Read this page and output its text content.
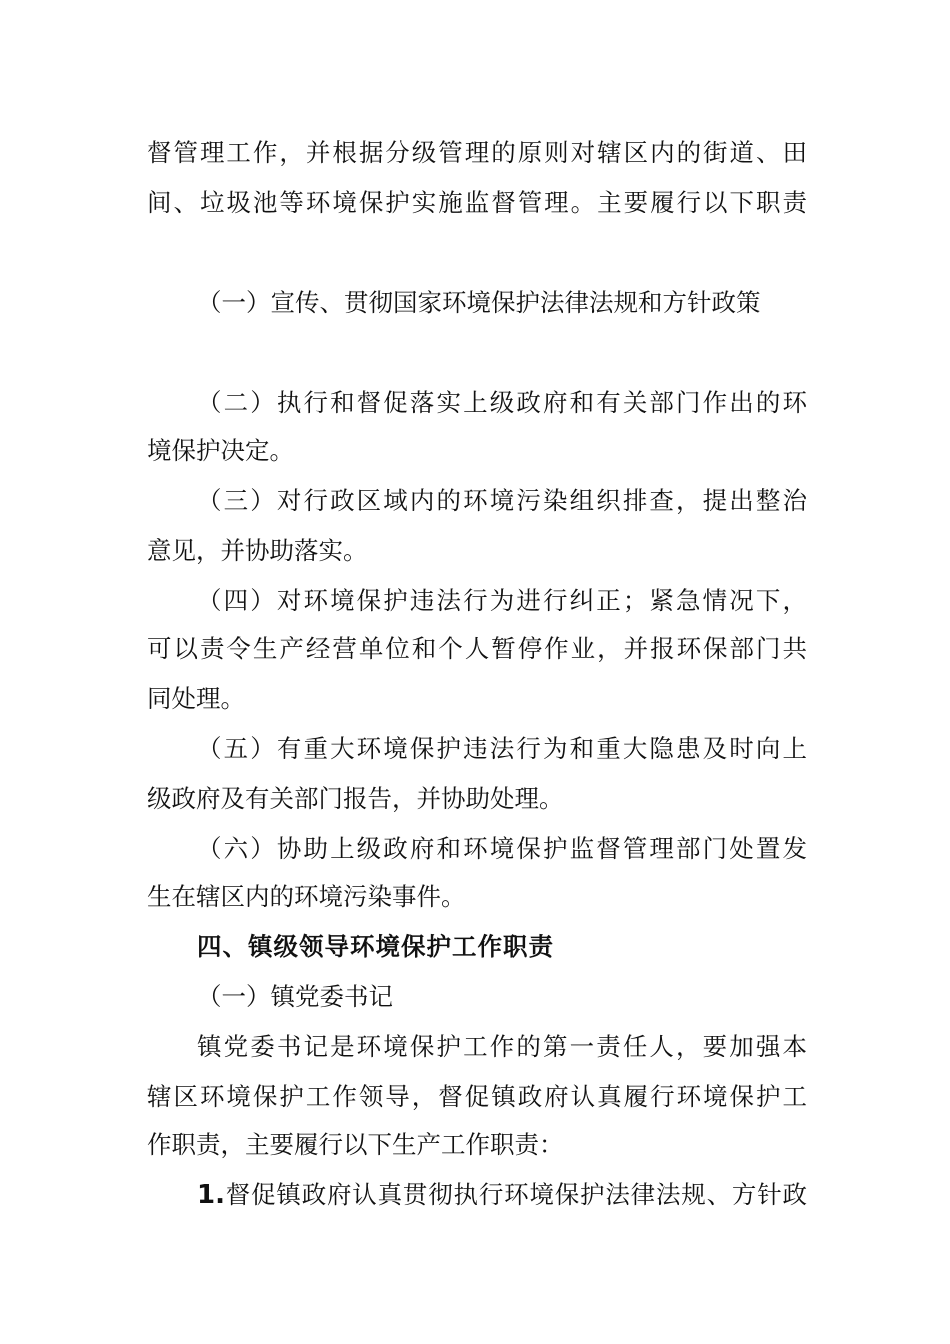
督管理工作，并根据分级管理的原则对辖区内的街道、田
间、垃圾池等环境保护实施监督管理。主要履行以下职责
（一）宣传、贯彻国家环境保护法律法规和方针政策
（二）执行和督促落实上级政府和有关部门作出的环
境保护决定。
（三）对行政区域内的环境污染组织排查，提出整治
意见，并协助落实。
（四）对环境保护违法行为进行纠正；紧急情况下，
可以责令生产经营单位和个人暂停作业，并报环保部门共
同处理。
（五）有重大环境保护违法行为和重大隐患及时向上
级政府及有关部门报告，并协助处理。
（六）协助上级政府和环境保护监督管理部门处置发
生在辖区内的环境污染事件。
四、镇级领导环境保护工作职责
（一）镇党委书记
镇党委书记是环境保护工作的第一责任人，要加强本
辖区环境保护工作领导，督促镇政府认真履行环境保护工
作职责，主要履行以下生产工作职责：
1.督促镇政府认真贯彻执行环境保护法律法规、方针政
